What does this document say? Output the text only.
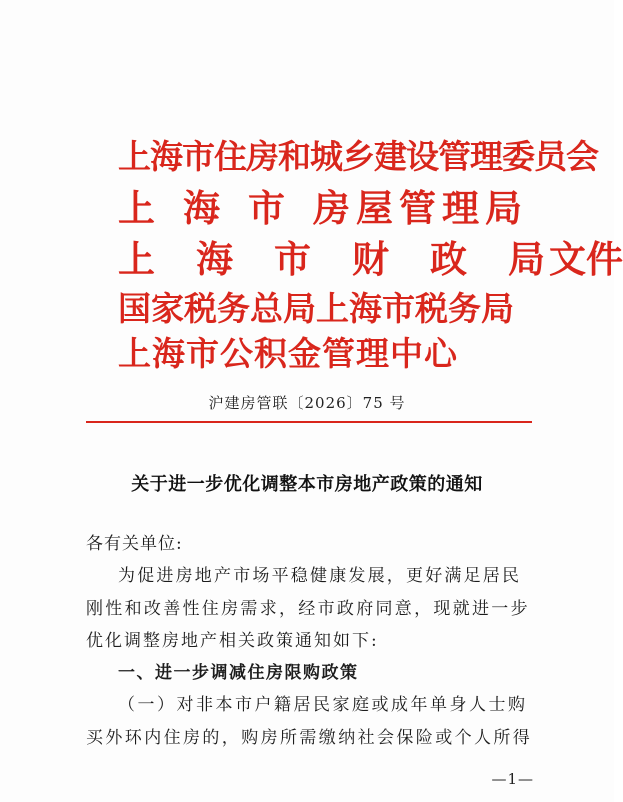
上海市住房和城乡建设管理委员会
上 海 市 房 屋 管 理 局
上 海 市 财 政 局 文件
国家税务总局上海市税务局
上海市公积金管理中心
沪建房管联〔2026〕75 号
关于进一步优化调整本市房地产政策的通知
各有关单位:
为促进房地产市场平稳健康发展，更好满足居民
刚性和改善性住房需求，经市政府同意，现就进一步
优化调整房地产相关政策通知如下:
一、进一步调减住房限购政策
（一）对非本市户籍居民家庭或成年单身人士购
买外环内住房的，购房所需缴纳社会保险或个人所得
—1—
